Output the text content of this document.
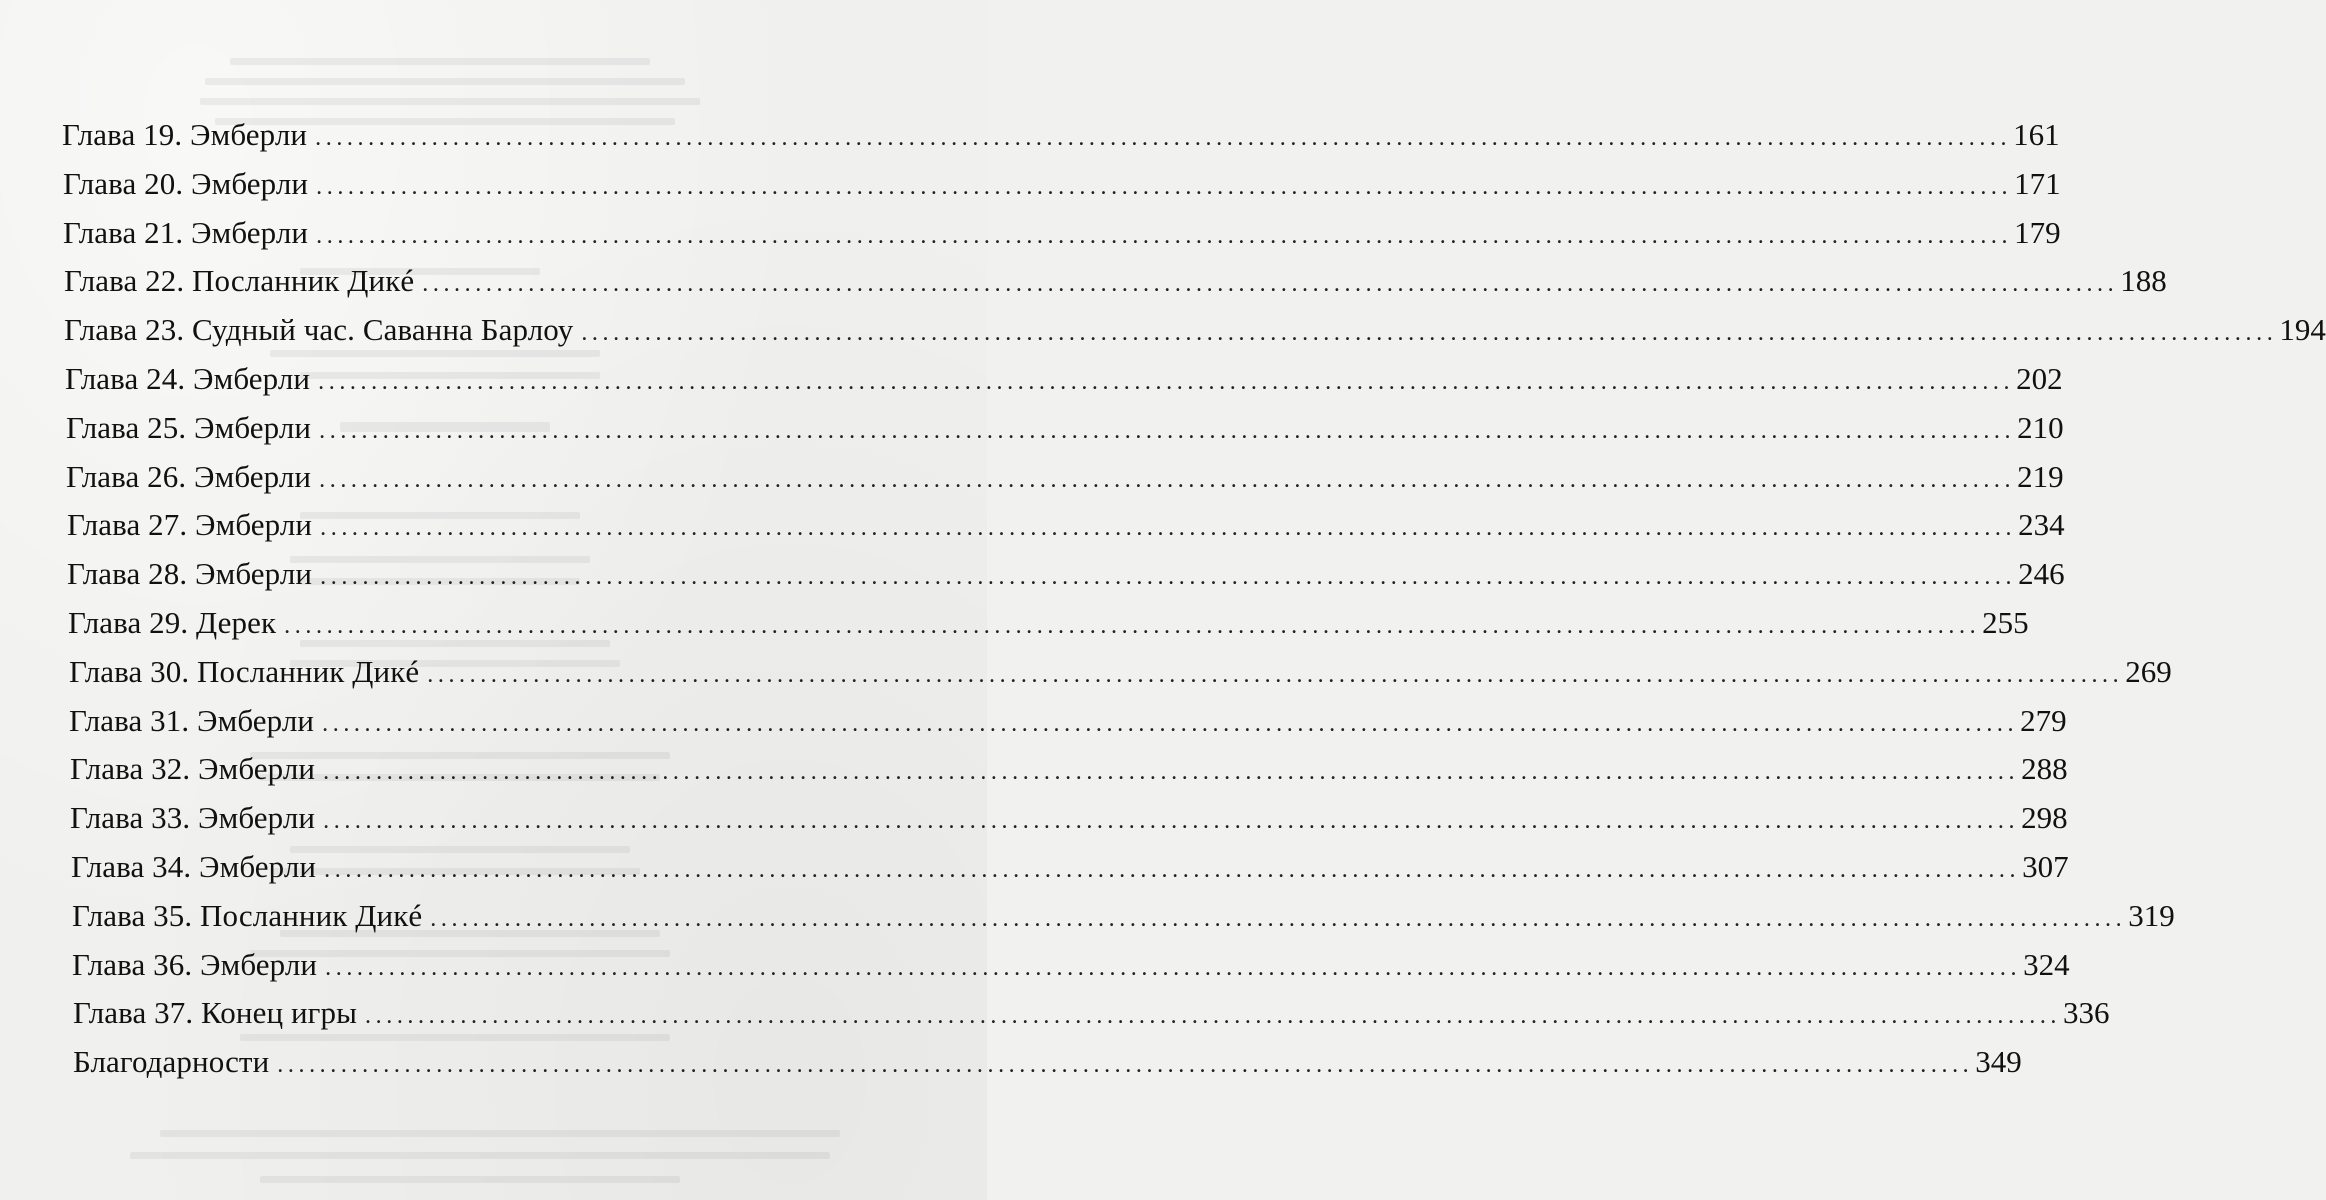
Глава 19. Эмберли ................................................................................................................................................................ 161
Глава 20. Эмберли ................................................................................................................................................................ 171
Глава 21. Эмберли ................................................................................................................................................................ 179
Глава 22. Посланник Дикé ................................................................................................................................................................ 188
Глава 23. Судный час. Саванна Барлоу ................................................................................................................................................................ 194
Глава 24. Эмберли ................................................................................................................................................................ 202
Глава 25. Эмберли ................................................................................................................................................................ 210
Глава 26. Эмберли ................................................................................................................................................................ 219
Глава 27. Эмберли ................................................................................................................................................................ 234
Глава 28. Эмберли ................................................................................................................................................................ 246
Глава 29. Дерек ................................................................................................................................................................ 255
Глава 30. Посланник Дикé ................................................................................................................................................................ 269
Глава 31. Эмберли ................................................................................................................................................................ 279
Глава 32. Эмберли ................................................................................................................................................................ 288
Глава 33. Эмберли ................................................................................................................................................................ 298
Глава 34. Эмберли ................................................................................................................................................................ 307
Глава 35. Посланник Дикé ................................................................................................................................................................ 319
Глава 36. Эмберли ................................................................................................................................................................ 324
Глава 37. Конец игры ................................................................................................................................................................ 336
Благодарности ................................................................................................................................................................ 349
